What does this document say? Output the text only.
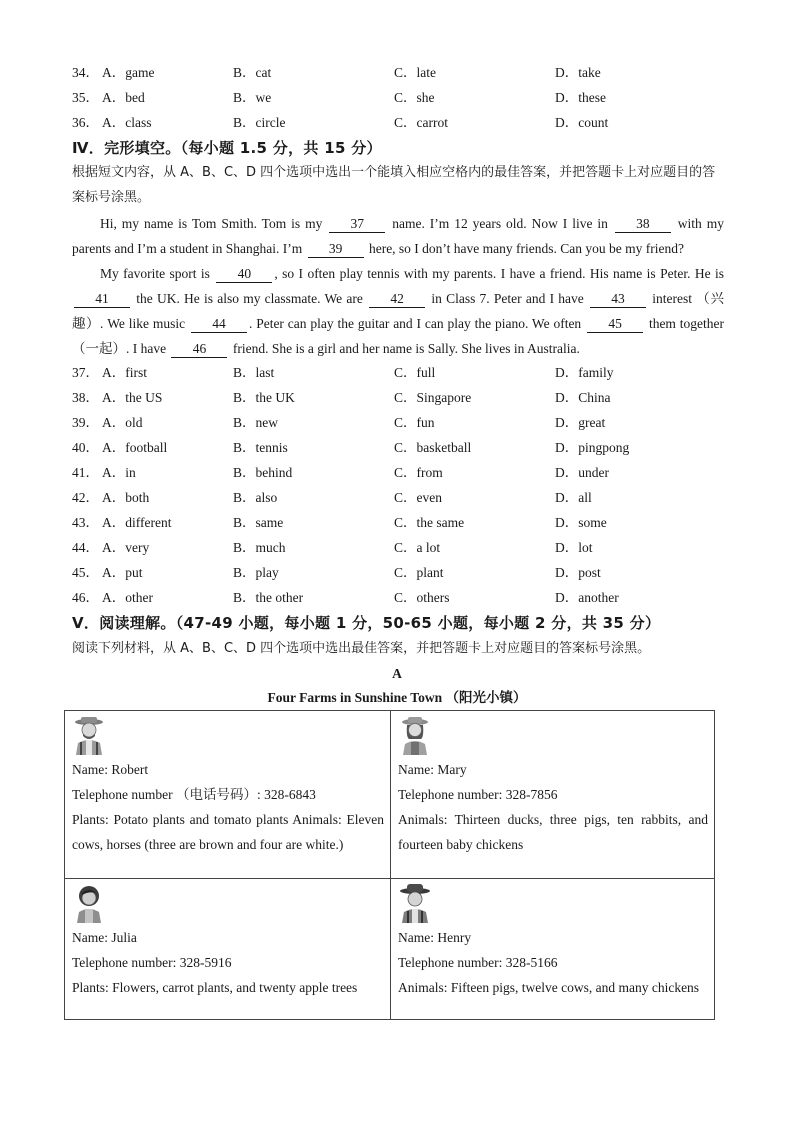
34． A．game	B．cat	C．late	D．take
35． A．bed	B．we	C．she	D．these
36． A．class	B．circle	C．carrot	D．count
Ⅳ．完形填空。（每小题 1.5 分，共 15 分）
根据短文内容，从 A、B、C、D 四个选项中选出一个能填入相应空格内的最佳答案，并把答题卡上对应题目的答案标号涂黑。
Hi, my name is Tom Smith. Tom is my 37 name. I’m 12 years old. Now I live in 38 with my parents and I’m a student in Shanghai. I’m 39 here, so I don’t have many friends. Can you be my friend?
My favorite sport is 40 , so I often play tennis with my parents. I have a friend. His name is Peter. He is 41 the UK. He is also my classmate. We are 42 in Class 7. Peter and I have 43 interest （兴趣）. We like music 44 . Peter can play the guitar and I can play the piano. We often 45 them together （一起）. I have 46 friend. She is a girl and her name is Sally. She lives in Australia.
37． A．first	B．last	C．full	D．family
38． A．the US	B．the UK	C．Singapore	D．China
39． A．old	B．new	C．fun	D．great
40． A．football	B．tennis	C．basketball	D．pingpong
41． A．in	B．behind	C．from	D．under
42． A．both	B．also	C．even	D．all
43． A．different	B．same	C．the same	D．some
44． A．very	B．much	C．a lot	D．lot
45． A．put	B．play	C．plant	D．post
46． A．other	B．the other	C．others	D．another
Ⅴ．阅读理解。（47-49 小题，每小题 1 分，50-65 小题，每小题 2 分，共 35 分）
阅读下列材料，从 A、B、C、D 四个选项中选出最佳答案，并把答题卡上对应题目的答案标号涂黑。
A
Four Farms in Sunshine Town （阳光小镇）
Name: Robert
Telephone number （电话号码）: 328-6843
Plants: Potato plants and tomato plants Animals: Eleven cows, horses (three are brown and four are white.)
Name: Mary
Telephone number: 328-7856
Animals: Thirteen ducks, three pigs, ten rabbits, and fourteen baby chickens
Name: Julia
Telephone number: 328-5916
Plants: Flowers, carrot plants, and twenty apple trees
Name: Henry
Telephone number: 328-5166
Animals: Fifteen pigs, twelve cows, and many chickens
